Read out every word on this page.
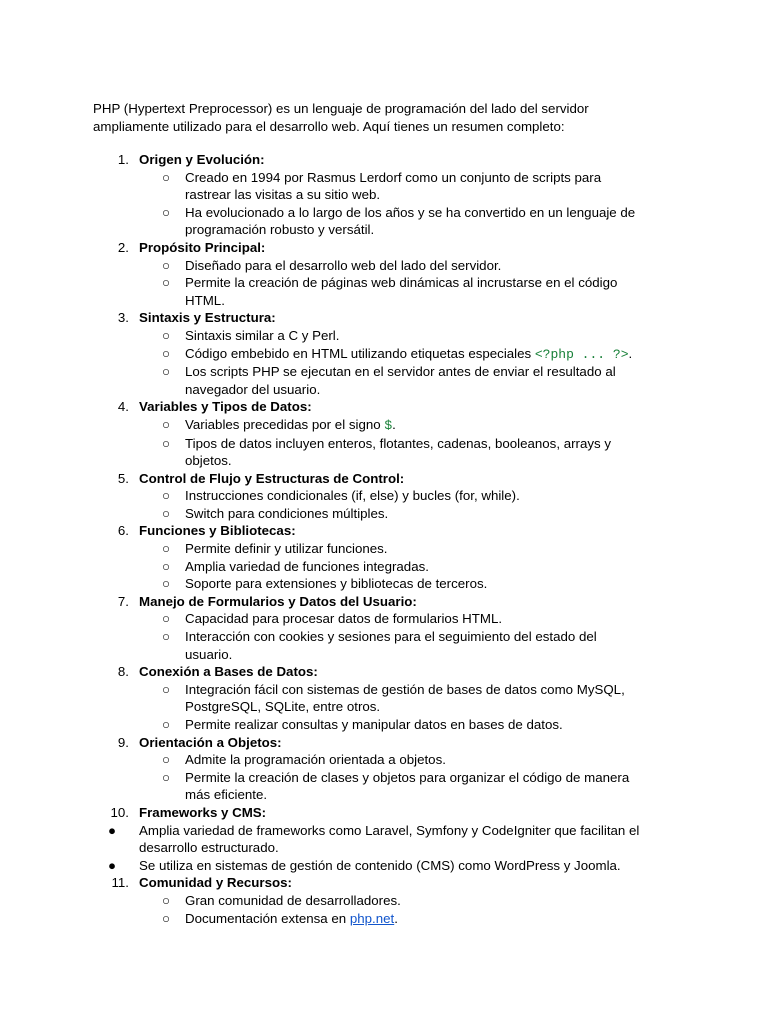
PHP (Hypertext Preprocessor) es un lenguaje de programación del lado del servidor
ampliamente utilizado para el desarrollo web. Aquí tienes un resumen completo:
1. Origen y Evolución:
○ Creado en 1994 por Rasmus Lerdorf como un conjunto de scripts para
rastrear las visitas a su sitio web.
○ Ha evolucionado a lo largo de los años y se ha convertido en un lenguaje de
programación robusto y versátil.
2. Propósito Principal:
○ Diseñado para el desarrollo web del lado del servidor.
○ Permite la creación de páginas web dinámicas al incrustarse en el código
HTML.
3. Sintaxis y Estructura:
○ Sintaxis similar a C y Perl.
○ Código embebido en HTML utilizando etiquetas especiales <?php ... ?>.
○ Los scripts PHP se ejecutan en el servidor antes de enviar el resultado al
navegador del usuario.
4. Variables y Tipos de Datos:
○ Variables precedidas por el signo $.
○ Tipos de datos incluyen enteros, flotantes, cadenas, booleanos, arrays y
objetos.
5. Control de Flujo y Estructuras de Control:
○ Instrucciones condicionales (if, else) y bucles (for, while).
○ Switch para condiciones múltiples.
6. Funciones y Bibliotecas:
○ Permite definir y utilizar funciones.
○ Amplia variedad de funciones integradas.
○ Soporte para extensiones y bibliotecas de terceros.
7. Manejo de Formularios y Datos del Usuario:
○ Capacidad para procesar datos de formularios HTML.
○ Interacción con cookies y sesiones para el seguimiento del estado del
usuario.
8. Conexión a Bases de Datos:
○ Integración fácil con sistemas de gestión de bases de datos como MySQL,
PostgreSQL, SQLite, entre otros.
○ Permite realizar consultas y manipular datos en bases de datos.
9. Orientación a Objetos:
○ Admite la programación orientada a objetos.
○ Permite la creación de clases y objetos para organizar el código de manera
más eficiente.
10. Frameworks y CMS:
● Amplia variedad de frameworks como Laravel, Symfony y CodeIgniter que facilitan el
desarrollo estructurado.
● Se utiliza en sistemas de gestión de contenido (CMS) como WordPress y Joomla.
11. Comunidad y Recursos:
○ Gran comunidad de desarrolladores.
○ Documentación extensa en php.net.
